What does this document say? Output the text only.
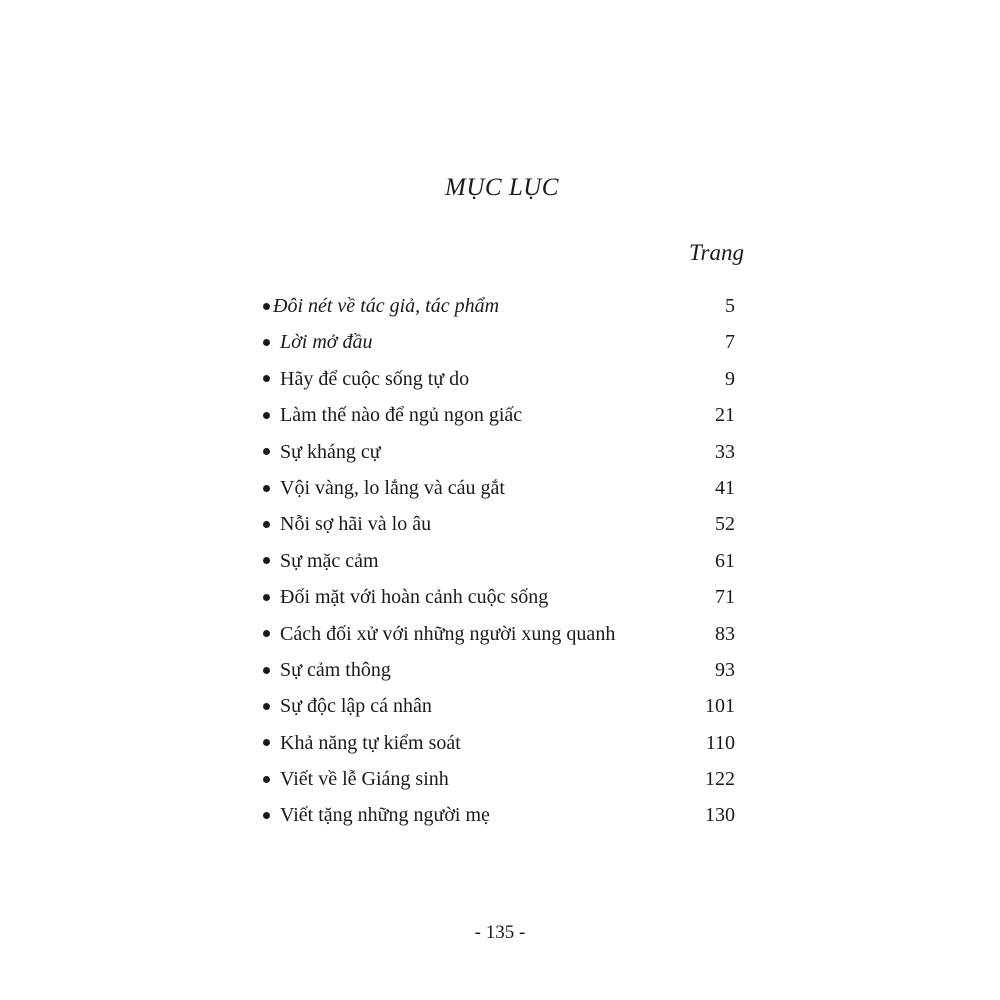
MỤC LỤC
Trang
Đôi nét về tác giả, tác phẩm	5
Lời mở đầu	7
Hãy để cuộc sống tự do	9
Làm thế nào để ngủ ngon giấc	21
Sự kháng cự	33
Vội vàng, lo lắng và cáu gắt	41
Nỗi sợ hãi và lo âu	52
Sự mặc cảm	61
Đối mặt với hoàn cảnh cuộc sống	71
Cách đối xử với những người xung quanh	83
Sự cảm thông	93
Sự độc lập cá nhân	101
Khả năng tự kiểm soát	110
Viết về lễ Giáng sinh	122
Viết tặng những người mẹ	130
- 135 -
